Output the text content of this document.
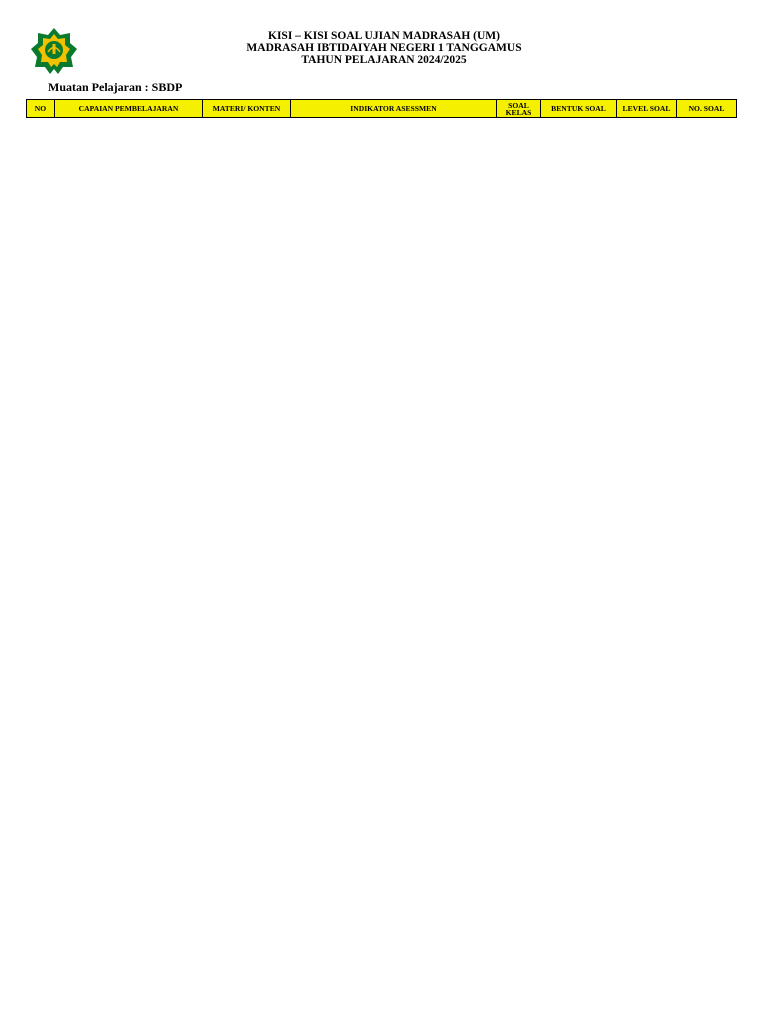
KISI – KISI SOAL UJIAN MADRASAH (UM)
MADRASAH IBTIDAIYAH NEGERI 1 TANGGAMUS
TAHUN PELAJARAN 2024/2025
Muatan Pelajaran : SBDP
NO	CAPAIAN PEMBELAJARAN	MATERI/ KONTEN	INDIKATOR ASESSMEN	SOAL KELAS	BENTUK SOAL	LEVEL SOAL	NO. SOAL
